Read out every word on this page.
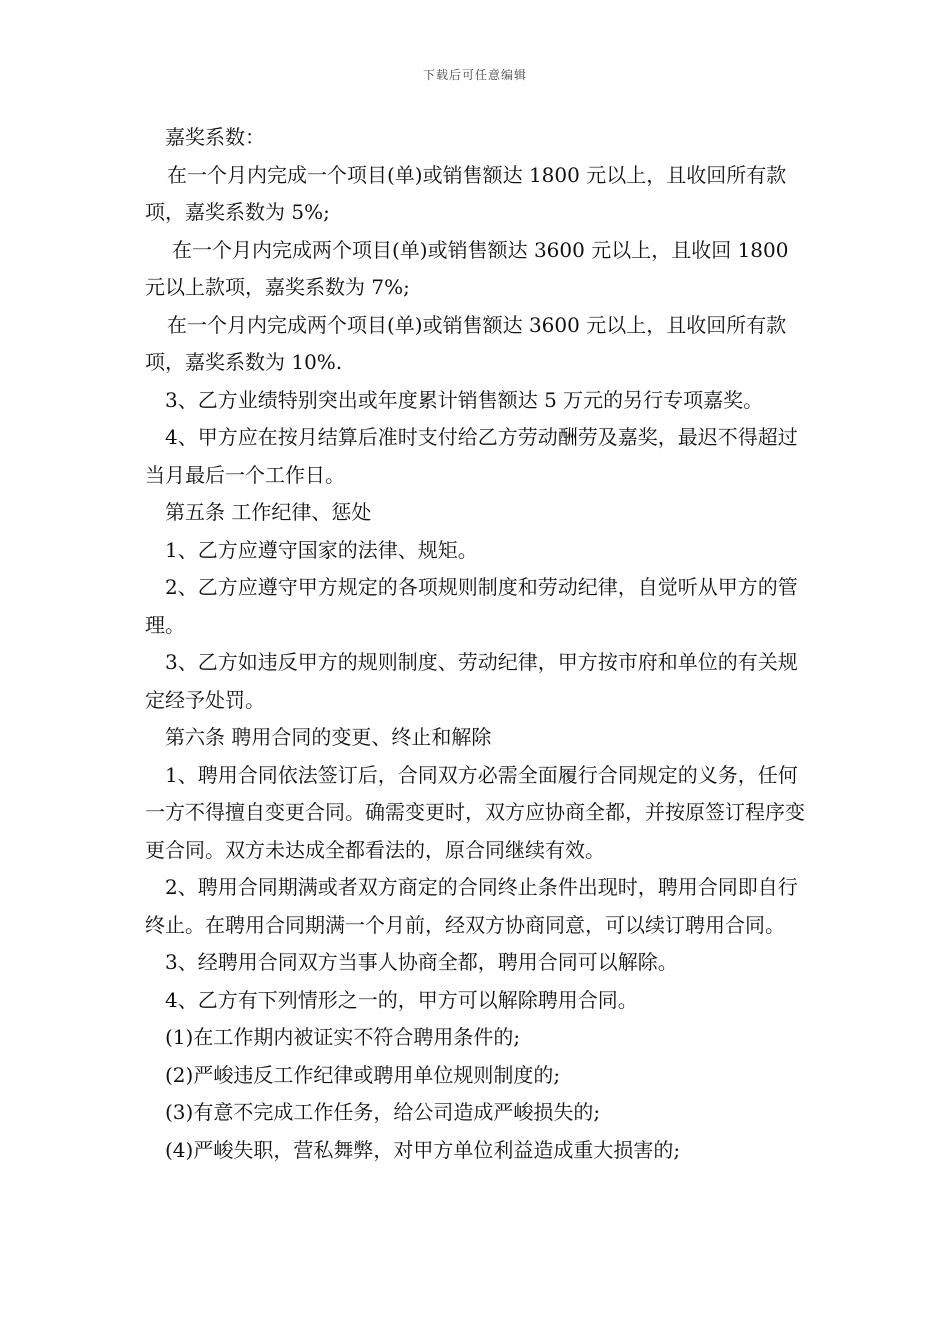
下载后可任意编辑

嘉奖系数：

在一个月内完成一个项目(单)或销售额达 1800 元以上，且收回所有款项，嘉奖系数为 5%;

在一个月内完成两个项目(单)或销售额达 3600 元以上，且收回 1800 元以上款项，嘉奖系数为 7%;

在一个月内完成两个项目(单)或销售额达 3600 元以上，且收回所有款项，嘉奖系数为 10%.

3、乙方业绩特别突出或年度累计销售额达 5 万元的另行专项嘉奖。

4、甲方应在按月结算后准时支付给乙方劳动酬劳及嘉奖，最迟不得超过当月最后一个工作日。

第五条 工作纪律、惩处

1、乙方应遵守国家的法律、规矩。

2、乙方应遵守甲方规定的各项规则制度和劳动纪律，自觉听从甲方的管理。

3、乙方如违反甲方的规则制度、劳动纪律，甲方按市府和单位的有关规定经予处罚。

第六条 聘用合同的变更、终止和解除

1、聘用合同依法签订后，合同双方必需全面履行合同规定的义务，任何一方不得擅自变更合同。确需变更时，双方应协商全都，并按原签订程序变更合同。双方未达成全都看法的，原合同继续有效。

2、聘用合同期满或者双方商定的合同终止条件出现时，聘用合同即自行终止。在聘用合同期满一个月前，经双方协商同意，可以续订聘用合同。

3、经聘用合同双方当事人协商全都，聘用合同可以解除。

4、乙方有下列情形之一的，甲方可以解除聘用合同。

(1)在工作期内被证实不符合聘用条件的;

(2)严峻违反工作纪律或聘用单位规则制度的;

(3)有意不完成工作任务，给公司造成严峻损失的;

(4)严峻失职，营私舞弊，对甲方单位利益造成重大损害的;
